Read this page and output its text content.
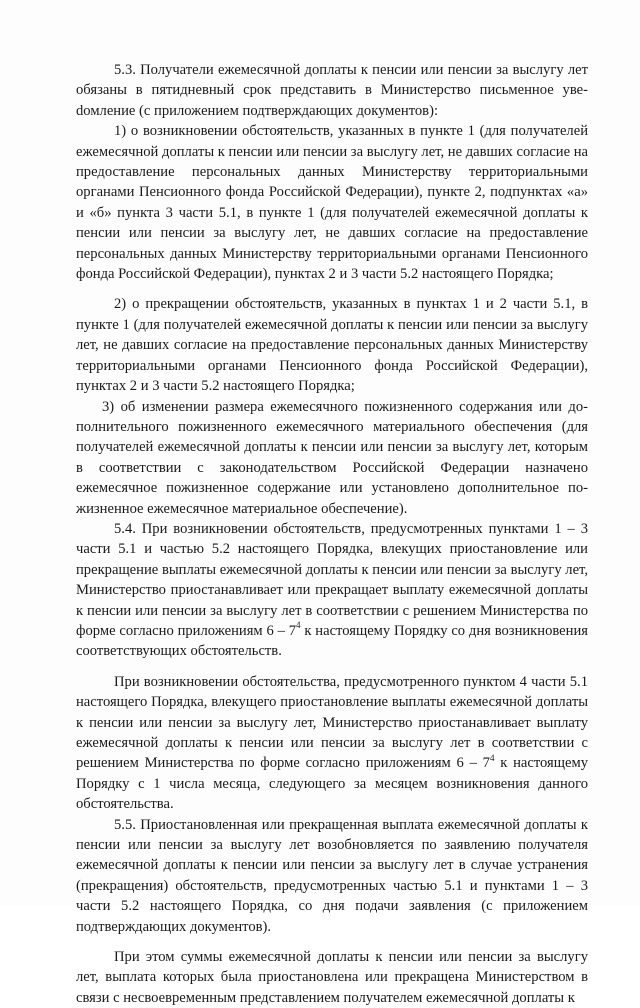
5.3. Получатели ежемесячной доплаты к пенсии или пенсии за выслугу лет обязаны в пятидневный срок представить в Министерство письменное увеdомление (с приложением подтверждающих документов):

1) о возникновении обстоятельств, указанных в пункте 1 (для получателей ежемесячной доплаты к пенсии или пенсии за выслугу лет, не давших согласие на предоставление персональных данных Министерству территориальными органами Пенсионного фонда Российской Федерации), пункте 2, подпунктах «а» и «б» пункта 3 части 5.1, в пункте 1 (для получателей ежемесячной доплаты к пенсии или пенсии за выслугу лет, не давших согласие на предоставление персональных данных Министерству территориальными органами Пенсионного фонда Российской Федерации), пунктах 2 и 3 части 5.2 настоящего Порядка;

2) о прекращении обстоятельств, указанных в пунктах 1 и 2 части 5.1, в пункте 1 (для получателей ежемесячной доплаты к пенсии или пенсии за выслугу лет, не давших согласие на предоставление персональных данных Министерству территориальными органами Пенсионного фонда Российской Федерации), пунктах 2 и 3 части 5.2 настоящего Порядка;

3) об изменении размера ежемесячного пожизненного содержания или дополнительного пожизненного ежемесячного материального обеспечения (для получателей ежемесячной доплаты к пенсии или пенсии за выслугу лет, которым в соответствии с законодательством Российской Федерации назначено ежемесячное пожизненное содержание или установлено дополнительное пожизненное ежемесячное материальное обеспечение).

5.4. При возникновении обстоятельств, предусмотренных пунктами 1 – 3 части 5.1 и частью 5.2 настоящего Порядка, влекущих приостановление или прекращение выплаты ежемесячной доплаты к пенсии или пенсии за выслугу лет, Министерство приостанавливает или прекращает выплату ежемесячной доплаты к пенсии или пенсии за выслугу лет в соответствии с решением Министерства по форме согласно приложениям $6 - 7^4$ к настоящему Порядку со дня возникновения соответствующих обстоятельств.

При возникновении обстоятельства, предусмотренного пунктом 4 части 5.1 настоящего Порядка, влекущего приостановление выплаты ежемесячной доплаты к пенсии или пенсии за выслугу лет, Министерство приостанавливает выплату ежемесячной доплаты к пенсии или пенсии за выслугу лет в соответствии с решением Министерства по форме согласно приложениям $6 - 7^4$ к настоящему Порядку с 1 числа месяца, следующего за месяцем возникновения данного обстоятельства.

5.5. Приостановленная или прекращенная выплата ежемесячной доплаты к пенсии или пенсии за выслугу лет возобновляется по заявлению получателя ежемесячной доплаты к пенсии или пенсии за выслугу лет в случае устранения (прекращения) обстоятельств, предусмотренных частью 5.1 и пунктами 1 – 3 части 5.2 настоящего Порядка, со дня подачи заявления (с приложением подтверждающих документов).

При этом суммы ежемесячной доплаты к пенсии или пенсии за выслугу лет, выплата которых была приостановлена или прекращена Министерством в связи с несвоевременным представлением получателем ежемесячной доплаты к
